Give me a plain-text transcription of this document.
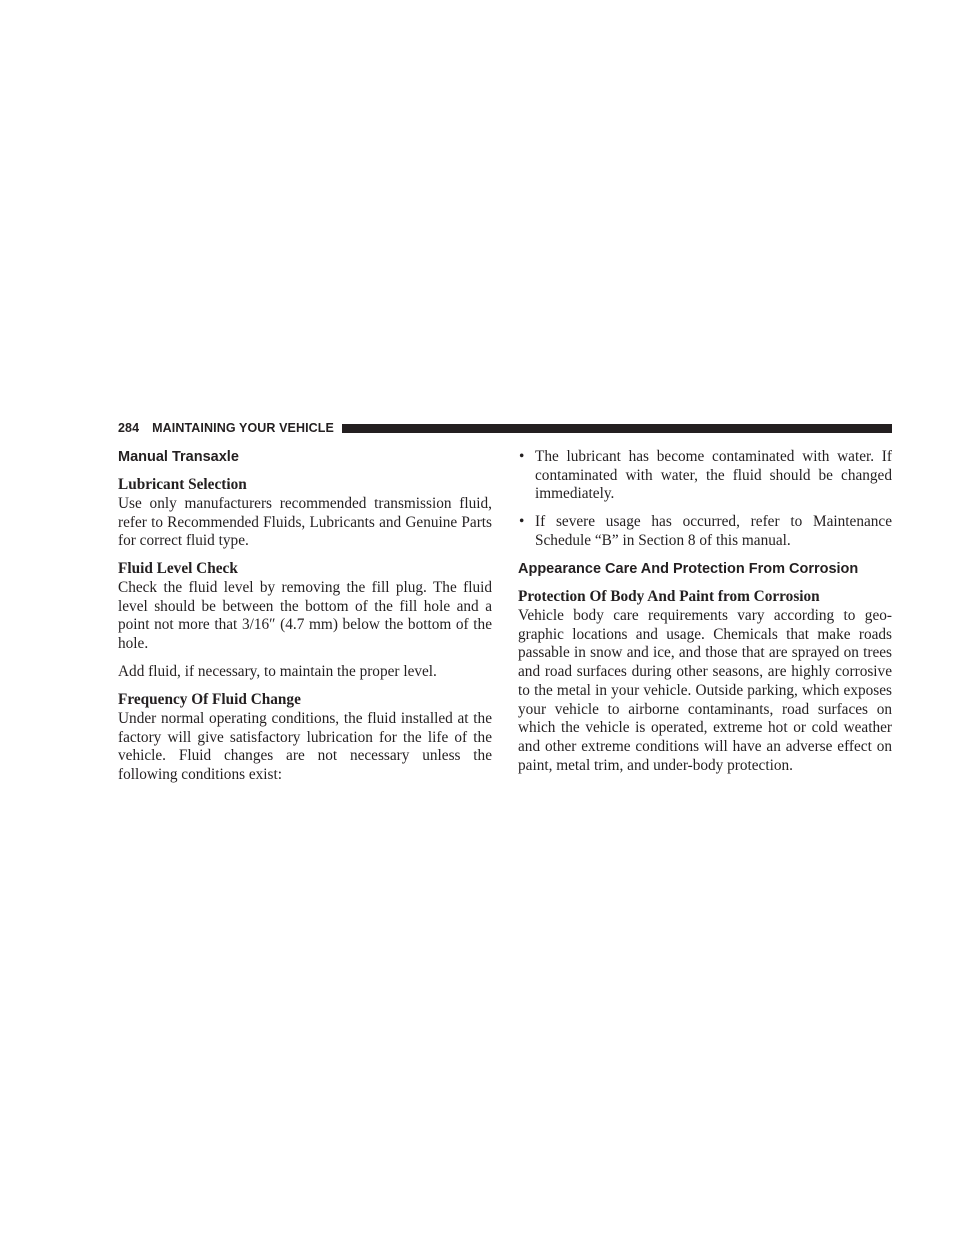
284 MAINTAINING YOUR VEHICLE
Manual Transaxle
Lubricant Selection

Use only manufacturers recommended transmission fluid, refer to Recommended Fluids, Lubricants and Genuine Parts for correct fluid type.

Fluid Level Check

Check the fluid level by removing the fill plug. The fluid level should be between the bottom of the fill hole and a point not more that 3/16″ (4.7 mm) below the bottom of the hole.

Add fluid, if necessary, to maintain the proper level.

Frequency Of Fluid Change

Under normal operating conditions, the fluid installed at the factory will give satisfactory lubrication for the life of the vehicle. Fluid changes are not necessary unless the following conditions exist:

• The lubricant has become contaminated with water. If contaminated with water, the fluid should be changed immediately.
• If severe usage has occurred, refer to Maintenance Schedule “B” in Section 8 of this manual.
Appearance Care And Protection From Corrosion
Protection Of Body And Paint from Corrosion

Vehicle body care requirements vary according to geo-graphic locations and usage. Chemicals that make roads passable in snow and ice, and those that are sprayed on trees and road surfaces during other seasons, are highly corrosive to the metal in your vehicle. Outside parking, which exposes your vehicle to airborne contaminants, road surfaces on which the vehicle is operated, extreme hot or cold weather and other extreme conditions will have an adverse effect on paint, metal trim, and under-body protection.
